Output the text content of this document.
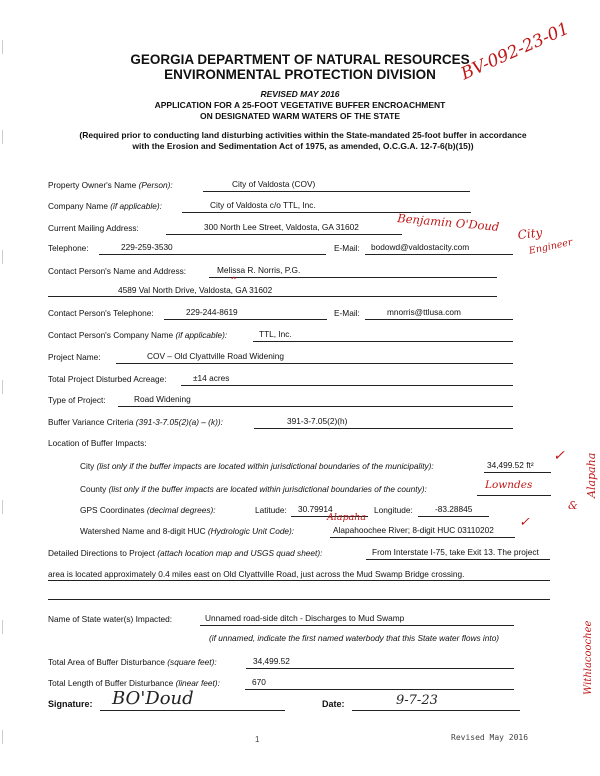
GEORGIA DEPARTMENT OF NATURAL RESOURCES
ENVIRONMENTAL PROTECTION DIVISION
REVISED MAY 2016
APPLICATION FOR A 25-FOOT VEGETATIVE BUFFER ENCROACHMENT
ON DESIGNATED WARM WATERS OF THE STATE
(Required prior to conducting land disturbing activities within the State-mandated 25-foot buffer in accordance
with the Erosion and Sedimentation Act of 1975, as amended, O.C.G.A. 12-7-6(b)(15))
BV-092-23-01
Property Owner's Name (Person):	City of Valdosta (COV)
Company Name (if applicable):	City of Valdosta c/o TTL, Inc.
Current Mailing Address:	300 North Lee Street, Valdosta, GA 31602	Benjamin O'Doud City
Engineer
Telephone:	229-259-3530	E-Mail: bodowd@valdostacity.com
Contact Person's Name and Address:	Melissa R. Norris, P.G.
⌃
4589 Val North Drive, Valdosta, GA 31602
Contact Person's Telephone:	229-244-8619	E-Mail:	mnorris@ttlusa.com
Contact Person's Company Name (if applicable):	TTL, Inc.
Project Name:	COV – Old Clyattville Road Widening
Total Project Disturbed Acreage:	±14 acres
Type of Project:	Road Widening
Buffer Variance Criteria (391-3-7.05(2)(a) – (k)):	391-3-7.05(2)(h)
Location of Buffer Impacts:
City (list only if the buffer impacts are located within jurisdictional boundaries of the municipality):	34,499.52 ft²
✓
County (list only if the buffer impacts are located within jurisdictional boundaries of the county):	Lowndes
GPS Coordinates (decimal degrees):	Latitude: 30.79914	Longitude:	-83.28845
Alapaha
Watershed Name and 8-digit HUC (Hydrologic Unit Code):	Alapahoochee River; 8-digit HUC 03110202 ✓
Detailed Directions to Project (attach location map and USGS quad sheet):	From Interstate I-75, take Exit 13. The project
area is located approximately 0.4 miles east on Old Clyattville Road, just across the Mud Swamp Bridge crossing.
Name of State water(s) Impacted:	Unnamed road-side ditch - Discharges to Mud Swamp
(if unnamed, indicate the first named waterbody that this State water flows into)
Total Area of Buffer Disturbance (square feet):	34,499.52
Total Length of Buffer Disturbance (linear feet):	670
Signature: BO'Doud	Date:	9-7-23
Alapaha
&
Withlacoochee
1	Revised May 2016
